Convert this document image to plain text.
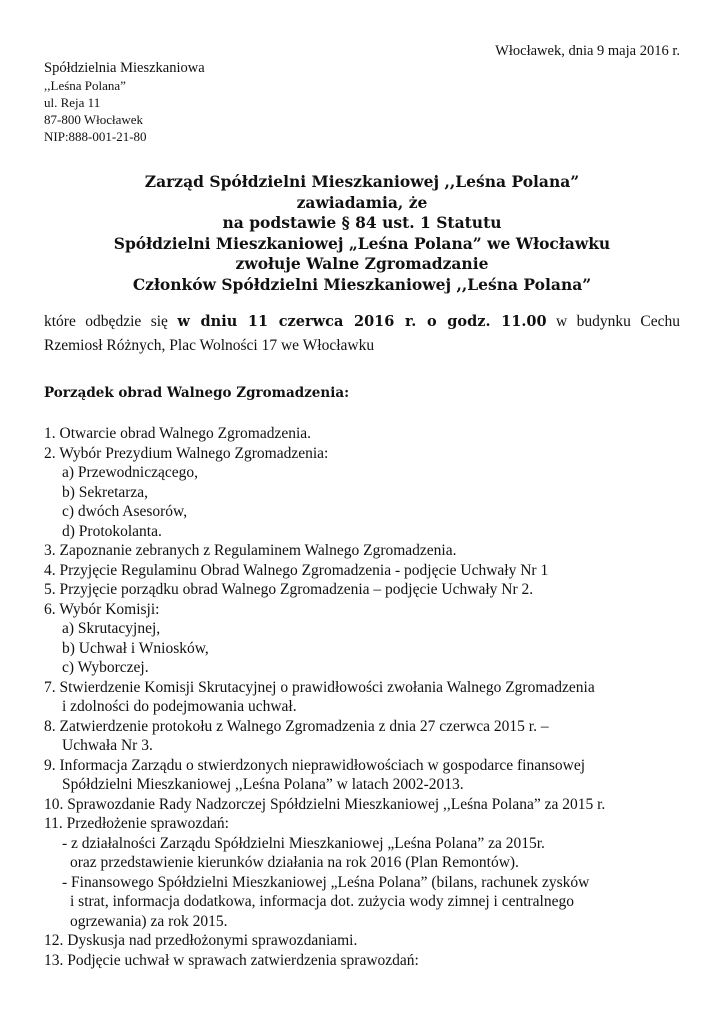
Włocławek, dnia 9 maja 2016 r.
Spółdzielnia Mieszkaniowa
,,Leśna Polana”
ul. Reja 11
87-800 Włocławek
NIP:888-001-21-80
Zarząd Spółdzielni Mieszkaniowej ,,Leśna Polana”
zawiadamia, że
na podstawie § 84 ust. 1 Statutu
Spółdzielni Mieszkaniowej „Leśna Polana” we Włocławku
zwołuje Walne Zgromadzanie
Członków Spółdzielni Mieszkaniowej ,,Leśna Polana”
które odbędzie się w dniu 11 czerwca 2016 r. o godz. 11.00 w budynku Cechu
Rzemiosł Różnych, Plac Wolności 17 we Włocławku
Porządek obrad Walnego Zgromadzenia:
1. Otwarcie obrad Walnego Zgromadzenia.
2. Wybór Prezydium Walnego Zgromadzenia:
a) Przewodniczącego,
b) Sekretarza,
c) dwóch Asesorów,
d) Protokolanta.
3. Zapoznanie zebranych z Regulaminem Walnego Zgromadzenia.
4. Przyjęcie Regulaminu Obrad Walnego Zgromadzenia - podjęcie Uchwały Nr 1
5. Przyjęcie porządku obrad Walnego Zgromadzenia – podjęcie Uchwały Nr 2.
6. Wybór Komisji:
a) Skrutacyjnej,
b) Uchwał i Wniosków,
c) Wyborczej.
7. Stwierdzenie Komisji Skrutacyjnej o prawidłowości zwołania Walnego Zgromadzenia
i zdolności do podejmowania uchwał.
8. Zatwierdzenie protokołu z Walnego Zgromadzenia z dnia 27 czerwca 2015 r. –
Uchwała Nr 3.
9. Informacja Zarządu o stwierdzonych nieprawidłowościach w gospodarce finansowej
Spółdzielni Mieszkaniowej ,,Leśna Polana” w latach 2002-2013.
10. Sprawozdanie Rady Nadzorczej Spółdzielni Mieszkaniowej ,,Leśna Polana” za 2015 r.
11. Przedłożenie sprawozdań:
- z działalności Zarządu Spółdzielni Mieszkaniowej „Leśna Polana” za 2015r.
oraz przedstawienie kierunków działania na rok 2016 (Plan Remontów).
- Finansowego Spółdzielni Mieszkaniowej „Leśna Polana” (bilans, rachunek zysków
i strat, informacja dodatkowa, informacja dot. zużycia wody zimnej i centralnego
ogrzewania) za rok 2015.
12. Dyskusja nad przedłożonymi sprawozdaniami.
13. Podjęcie uchwał w sprawach zatwierdzenia sprawozdań:
